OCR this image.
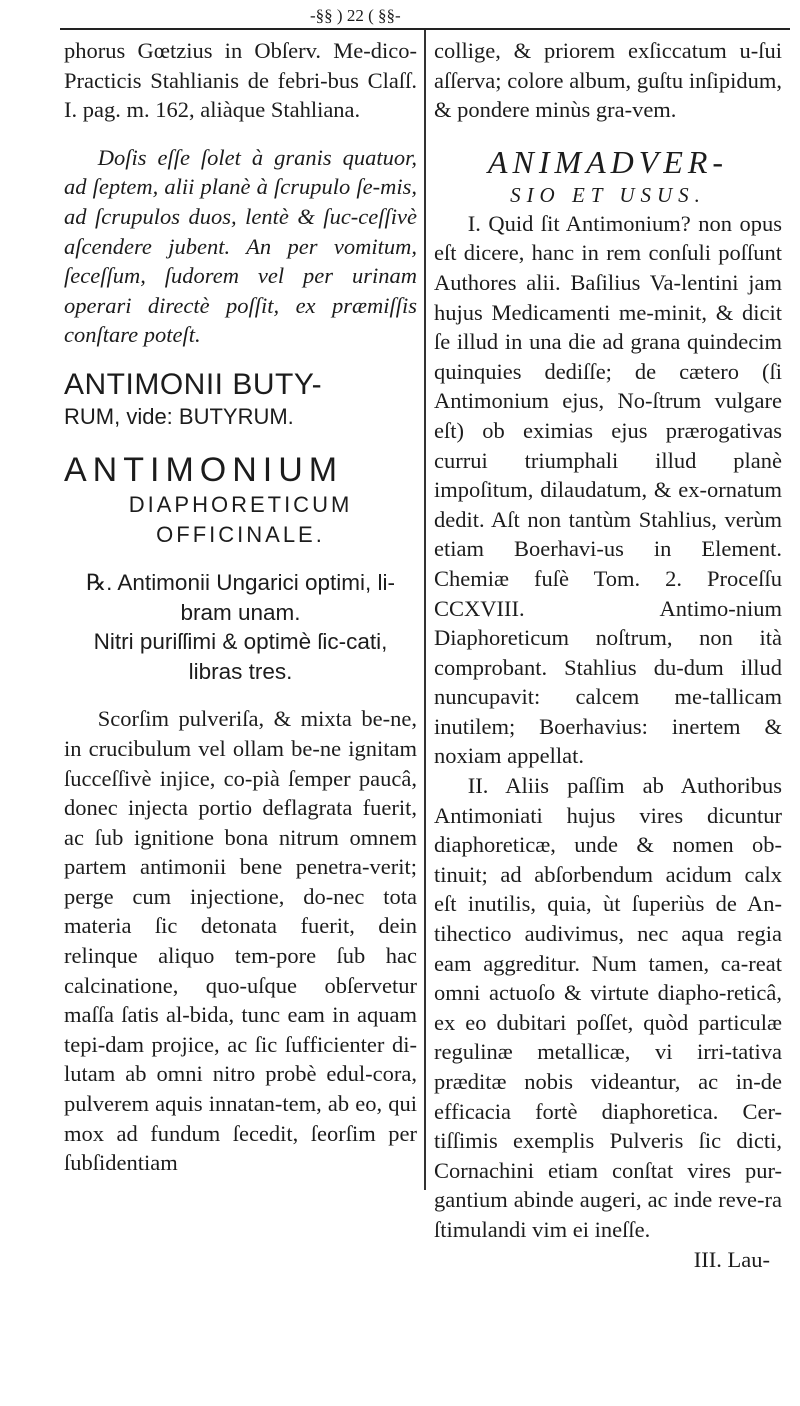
-§§ ) 22 ( §§-

phorus Gœtzius in Obſerv. Me-dico-Practicis Stahlianis de febri-bus Claſſ. I. pag. m. 162, aliàque Stahliana.

Doſis eſſe ſolet à granis quatuor, ad ſeptem, alii planè à ſcrupulo ſe-mis, ad ſcrupulos duos, lentè & ſuc-ceſſivè aſcendere jubent. An per vomitum, ſeceſſum, ſudorem vel per urinam operari directè poſſit, ex præmiſſis conſtare poteſt.

ANTIMONII BUTY-

RUM, vide: BUTYRUM.

ANTIMONIUM

DIAPHORETICUM

OFFICINALE.

℞. Antimonii Ungarici optimi, li-bram unam.

Nitri puriſſimi & optimè ſic-cati, libras tres.

Scorſim pulveriſa, & mixta be-ne, in crucibulum vel ollam be-ne ignitam ſucceſſivè injice, co-pià ſemper paucâ, donec injecta portio deflagrata fuerit, ac ſub ignitione bona nitrum omnem partem antimonii bene penetra-verit; perge cum injectione, do-nec tota materia ſic detonata fuerit, dein relinque aliquo tem-pore ſub hac calcinatione, quo-uſque obſervetur maſſa ſatis al-bida, tunc eam in aquam tepi-dam projice, ac ſic ſufficienter di-lutam ab omni nitro probè edul-cora, pulverem aquis innatan-tem, ab eo, qui mox ad fundum ſecedit, ſeorſim per ſubſidentiam

collige, & priorem exſiccatum u-ſui aſſerva; colore album, guſtu inſipidum, & pondere minùs gra-vem.

ANIMADVER-

SIO ET USUS.

I. Quid ſit Antimonium? non opus eſt dicere, hanc in rem conſuli poſſunt Authores alii. Baſilius Va-lentini jam hujus Medicamenti me-minit, & dicit ſe illud in una die ad grana quindecim quinquies dediſſe; de cætero (ſi Antimonium ejus, No-ſtrum vulgare eſt) ob eximias ejus prærogativas currui triumphali illud planè impoſitum, dilaudatum, & ex-ornatum dedit. Aſt non tantùm Stahlius, verùm etiam Boerhavi-us in Element. Chemiæ fuſè Tom. 2. Proceſſu CCXVIII. Antimo-nium Diaphoreticum noſtrum, non ità comprobant. Stahlius du-dum illud nuncupavit: calcem me-tallicam inutilem; Boerhavius: inertem & noxiam appellat.

II. Aliis paſſim ab Authoribus Antimoniati hujus vires dicuntur diaphoreticæ, unde & nomen ob-tinuit; ad abſorbendum acidum calx eſt inutilis, quia, ùt ſuperiùs de An-tihectico audivimus, nec aqua regia eam aggreditur. Num tamen, ca-reat omni actuoſo & virtute diapho-reticâ, ex eo dubitari poſſet, quòd particulæ regulinæ metallicæ, vi irri-tativa præditæ nobis videantur, ac in-de efficacia fortè diaphoretica. Cer-tiſſimis exemplis Pulveris ſic dicti, Cornachini etiam conſtat vires pur-gantium abinde augeri, ac inde reve-ra ſtimulandi vim ei ineſſe.

III. Lau-
